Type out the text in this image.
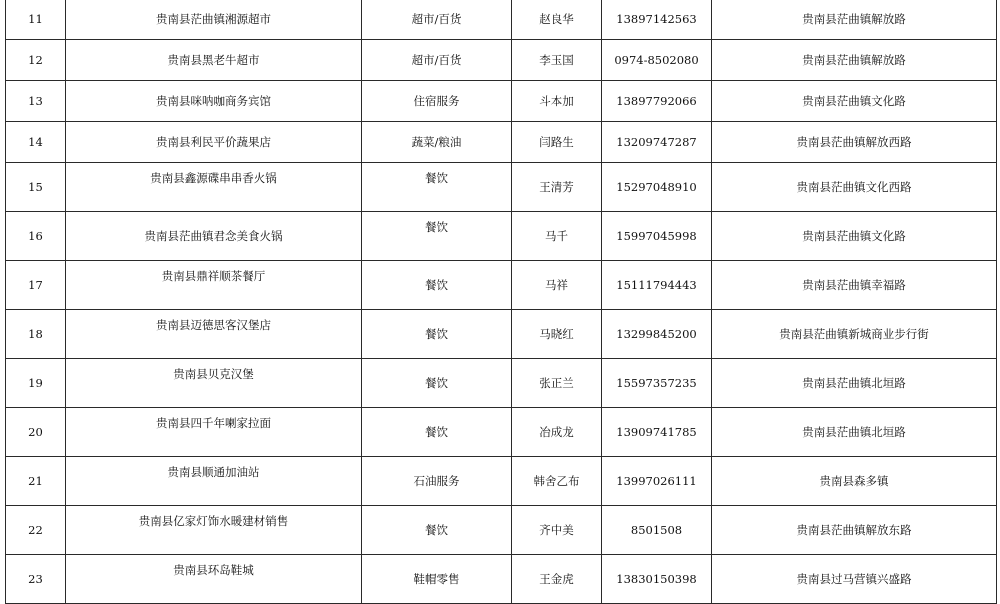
11	贵南县茫曲镇湘源超市	超市/百货	赵良华	13897142563	贵南县茫曲镇解放路
12	贵南县黑老牛超市	超市/百货	李玉国	0974-8502080	贵南县茫曲镇解放路
13	贵南县咪呐咖商务宾馆	住宿服务	斗本加	13897792066	贵南县茫曲镇文化路
14	贵南县利民平价蔬果店	蔬菜/粮油	闫路生	13209747287	贵南县茫曲镇解放西路
15	贵南县鑫源碟串串香火锅	餐饮	王清芳	15297048910	贵南县茫曲镇文化西路
16	贵南县茫曲镇君念美食火锅	餐饮	马千	15997045998	贵南县茫曲镇文化路
17	贵南县鼎祥顺茶餐厅	餐饮	马祥	15111794443	贵南县茫曲镇幸福路
18	贵南县迈德思客汉堡店	餐饮	马晓红	13299845200	贵南县茫曲镇新城商业步行街
19	贵南县贝克汉堡	餐饮	张正兰	15597357235	贵南县茫曲镇北垣路
20	贵南县四千年喇家拉面	餐饮	冶成龙	13909741785	贵南县茫曲镇北垣路
21	贵南县顺通加油站	石油服务	韩舍乙布	13997026111	贵南县森多镇
22	贵南县亿家灯饰水暖建材销售	餐饮	齐中美	8501508	贵南县茫曲镇解放东路
23	贵南县环岛鞋城	鞋帽零售	王金虎	13830150398	贵南县过马营镇兴盛路
